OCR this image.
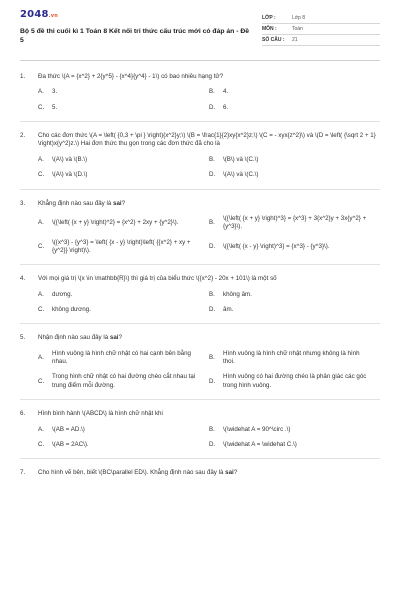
2048.vn
Bộ 5 đề thi cuối kì 1 Toán 8 Kết nối tri thức cấu trúc mới có đáp án - Đề 5
LỚP :	Lớp 8
MÔN :	Toán
SỐ CÂU :	21
1.	Đa thức \(A = {x^2} + 2{y^5} - {x^4}{y^4} - 1\) có bao nhiêu hạng tử?
A.	3.	B.	4.
C.	5.	D.	6.
2.	Cho các đơn thức \(A = \left( {0,3 + \pi } \right){x^2}y;\) \(B = \frac{1}{2}xy{x^2}z;\) \(C = - xyx{z^2}\) và \(D = \left( {\sqrt 2 + 1} \right)x{y^2}z.\) Hai đơn thức thu gọn trong các đơn thức đã cho là
A.	\(A\) và \(B.\)	B.	\(B\) và \(C.\)
C.	\(A\) và \(D.\)	D.	\(A\) và \(C.\)
3.	Khẳng định nào sau đây là sai?
A.	\({\left( {x + y} \right)^2} = {x^2} + 2xy + {y^2}\).	B.
\({\left( {x + y} \right)^3} = {x^3} + 3{x^2}y + 3x{y^2} + {y^3}\).
C.
\({x^3} - {y^3} = \left( {x - y} \right)\left( {{x^2} + xy + {y^2}} \right)\).
D.	\({\left( {x - y} \right)^3} = {x^3} - {y^3}\).
4.	Với mọi giá trị \(x \in \mathbb{R}\) thì giá trị của biểu thức \({x^2} - 20x + 101\) là một số
A.	dương.	B.	không âm.
C.	không dương.	D.	âm.
5.	Nhận định nào sau đây là sai?
A.
Hình vuông là hình chữ nhật có hai cạnh bên bằng nhau.
B.
Hình vuông là hình chữ nhật nhưng không là hình thoi.
C.
Trong hình chữ nhật có hai đường chéo cắt nhau tại trung điểm mỗi đường.
D.
Hình vuông có hai đường chéo là phân giác các góc trong hình vuông.
6.	Hình bình hành \(ABCD\) là hình chữ nhật khi
A.	\(AB = AD.\)	B.	\(\widehat A = 90^\circ .\)
C.	\(AB = 2AC\).	D.	\(\widehat A = \widehat C.\)
7.	Cho hình vẽ bên, biết \(BC\parallel ED\). Khẳng định nào sau đây là sai?
